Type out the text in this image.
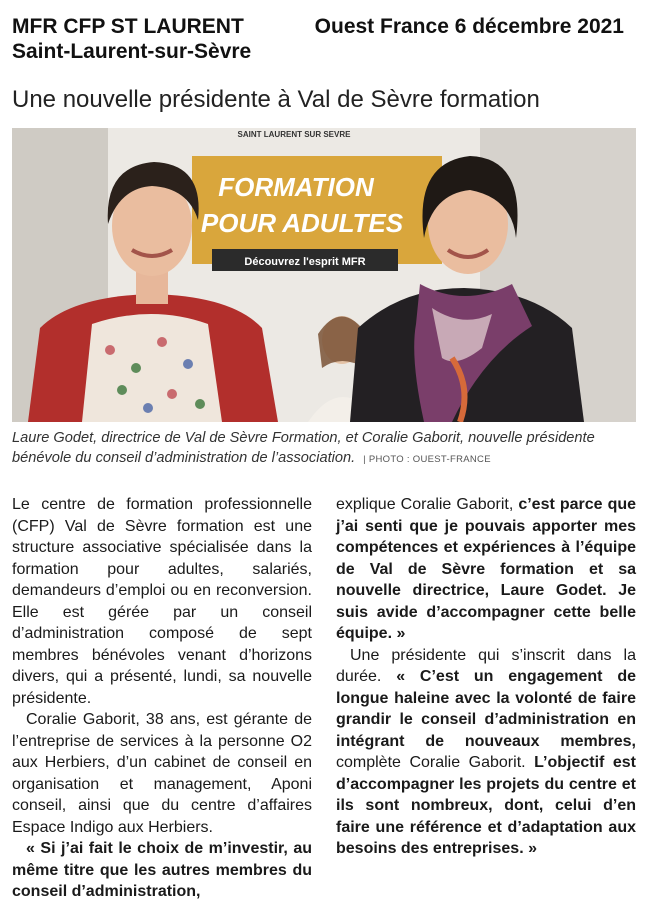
MFR CFP ST LAURENT
Saint-Laurent-sur-Sèvre
Ouest France 6 décembre 2021
Une nouvelle présidente à Val de Sèvre formation
SAINT LAURENT SUR SEVRE
FORMATION
POUR ADULTES
Découvrez l'esprit MFR
Laure Godet, directrice de Val de Sèvre Formation, et Coralie Gaborit, nouvelle présidente bénévole du conseil d’administration de l’association. | PHOTO : OUEST-FRANCE

Le centre de formation professionnelle (CFP) Val de Sèvre formation est une structure associative spécialisée dans la formation pour adultes, salariés, demandeurs d’emploi ou en reconversion. Elle est gérée par un conseil d’administration composé de sept membres bénévoles venant d’horizons divers, qui a présenté, lundi, sa nouvelle présidente.

Coralie Gaborit, 38 ans, est gérante de l’entreprise de services à la personne O2 aux Herbiers, d’un cabinet de conseil en organisation et management, Aponi conseil, ainsi que du centre d’affaires Espace Indigo aux Herbiers.

« Si j’ai fait le choix de m’investir, au même titre que les autres membres du conseil d’administration,

explique Coralie Gaborit, c’est parce que j’ai senti que je pouvais apporter mes compétences et expériences à l’équipe de Val de Sèvre formation et sa nouvelle directrice, Laure Godet. Je suis avide d’accompagner cette belle équipe. »

Une présidente qui s’inscrit dans la durée. « C’est un engagement de longue haleine avec la volonté de faire grandir le conseil d’administration en intégrant de nouveaux membres, complète Coralie Gaborit. L’objectif est d’accompagner les projets du centre et ils sont nombreux, dont, celui d’en faire une référence et d’adaptation aux besoins des entreprises. »
